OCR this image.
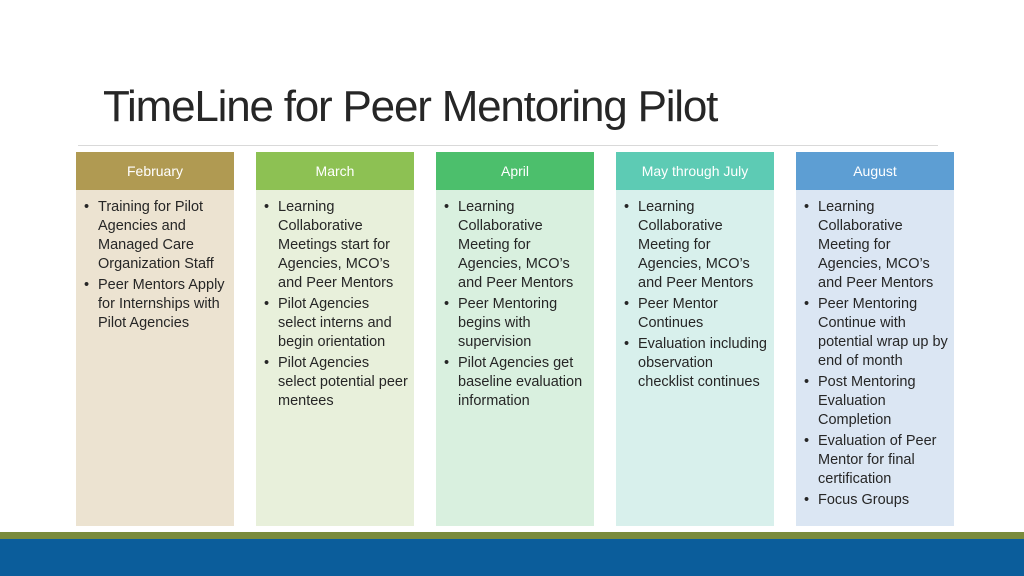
TimeLine for Peer Mentoring Pilot
February
• Training for Pilot Agencies and Managed Care Organization Staff
• Peer Mentors Apply for Internships with Pilot Agencies
March
• Learning Collaborative Meetings start for Agencies, MCO’s and Peer Mentors
• Pilot Agencies select interns and begin orientation
• Pilot Agencies select potential peer mentees
April
• Learning Collaborative Meeting for Agencies, MCO’s and Peer Mentors
• Peer Mentoring begins with supervision
• Pilot Agencies get baseline evaluation information
May through July
• Learning Collaborative Meeting for Agencies, MCO’s and Peer Mentors
• Peer Mentor Continues
• Evaluation including observation checklist continues
August
• Learning Collaborative Meeting for Agencies, MCO’s and Peer Mentors
• Peer Mentoring Continue with potential wrap up by end of month
• Post Mentoring Evaluation Completion
• Evaluation of Peer Mentor for final certification
• Focus Groups
